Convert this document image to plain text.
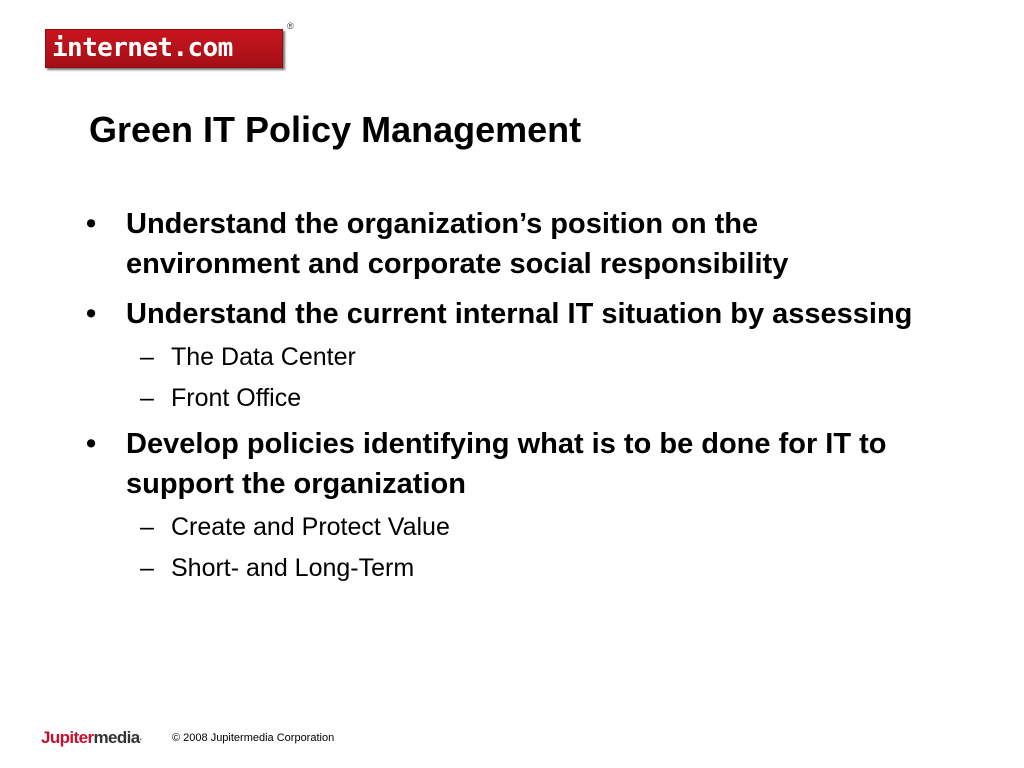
internet.com
®
Green IT Policy Management
• Understand the organization’s position on the environment and corporate social responsibility
• Understand the current internal IT situation by assessing
– The Data Center
– Front Office
• Develop policies identifying what is to be done for IT to support the organization
– Create and Protect Value
– Short- and Long-Term
Jupitermedia.	© 2008 Jupitermedia Corporation
